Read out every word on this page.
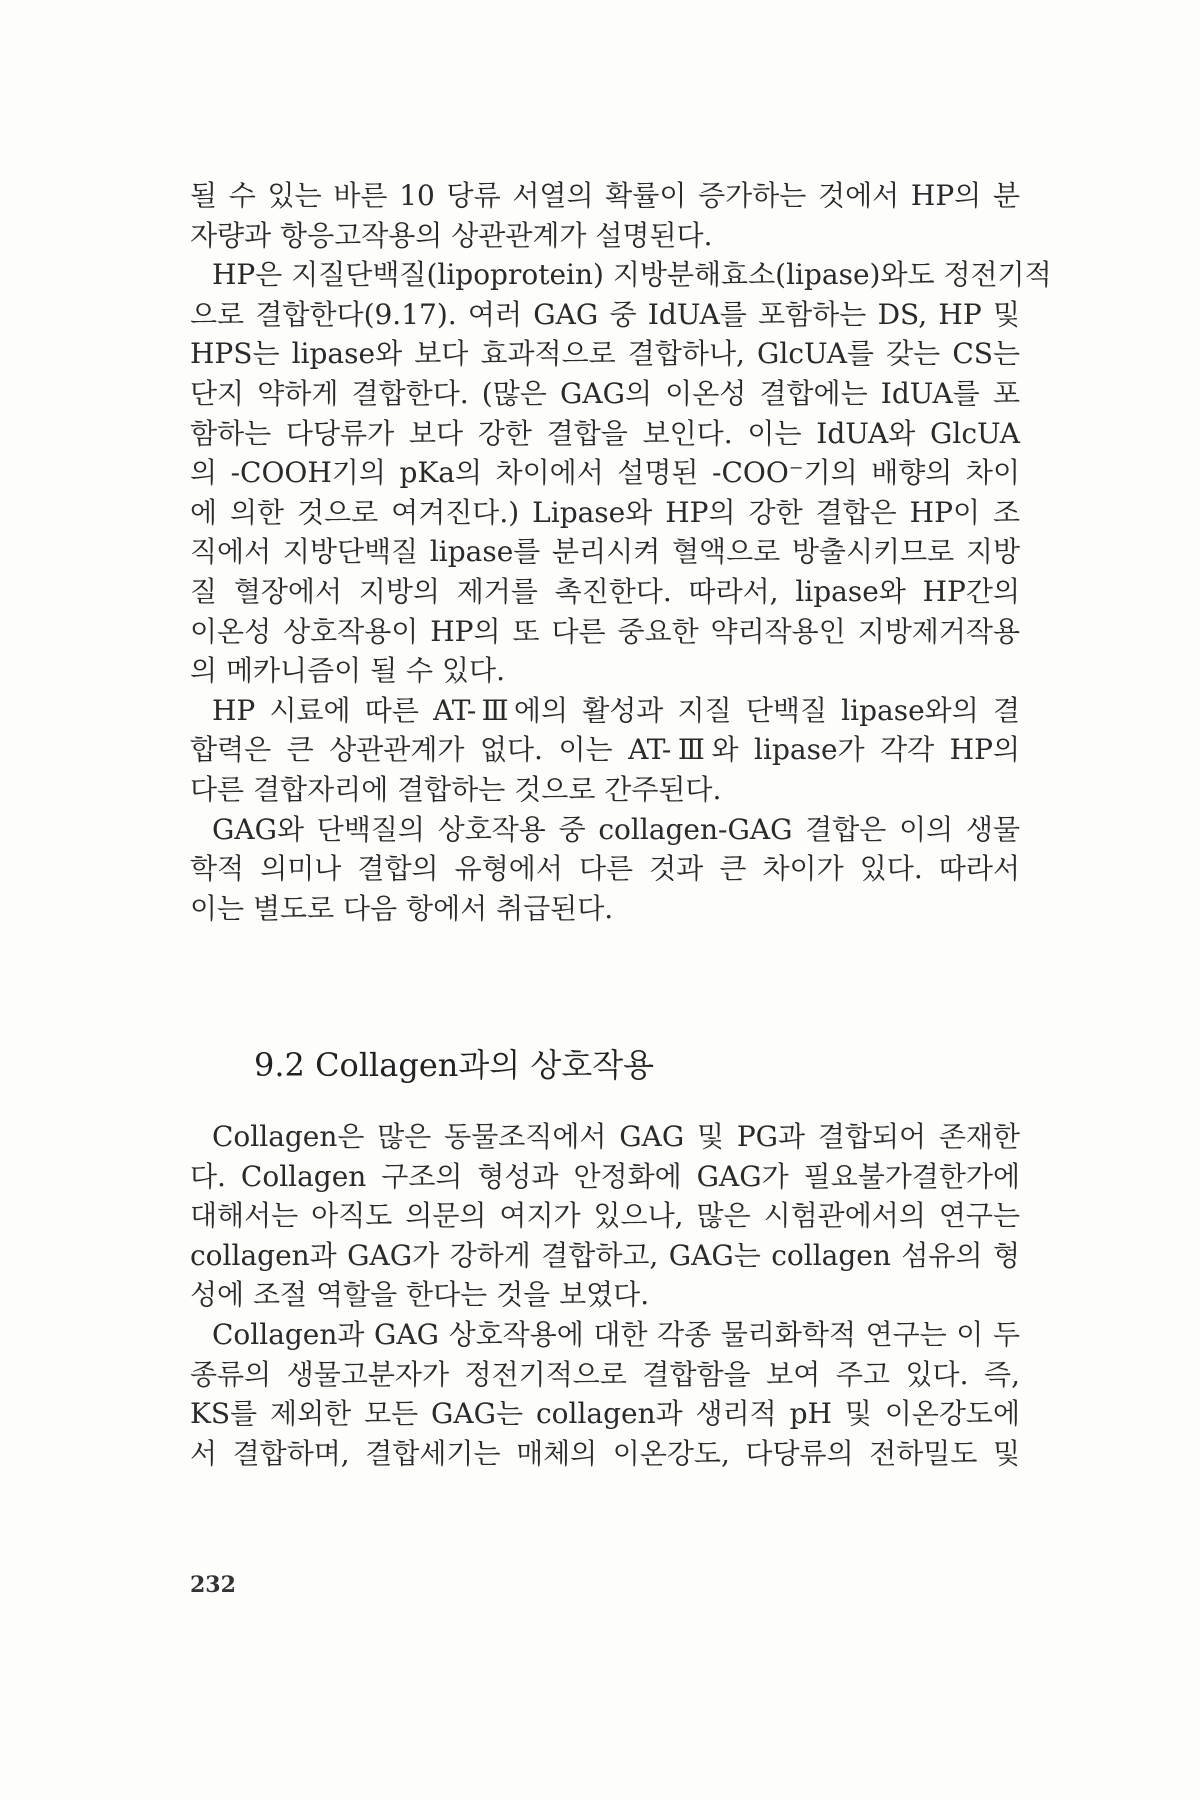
될 수 있는 바른 10 당류 서열의 확률이 증가하는 것에서 HP의 분
자량과 항응고작용의 상관관계가 설명된다.
HP은 지질단백질(lipoprotein) 지방분해효소(lipase)와도 정전기적
으로 결합한다(9.17). 여러 GAG 중 IdUA를 포함하는 DS, HP 및
HPS는 lipase와 보다 효과적으로 결합하나, GlcUA를 갖는 CS는
단지 약하게 결합한다. (많은 GAG의 이온성 결합에는 IdUA를 포
함하는 다당류가 보다 강한 결합을 보인다. 이는 IdUA와 GlcUA
의 -COOH기의 pKa의 차이에서 설명된 -COO⁻기의 배향의 차이
에 의한 것으로 여겨진다.) Lipase와 HP의 강한 결합은 HP이 조
직에서 지방단백질 lipase를 분리시켜 혈액으로 방출시키므로 지방
질 혈장에서 지방의 제거를 촉진한다. 따라서, lipase와 HP간의
이온성 상호작용이 HP의 또 다른 중요한 약리작용인 지방제거작용
의 메카니즘이 될 수 있다.
HP 시료에 따른 AT-Ⅲ에의 활성과 지질 단백질 lipase와의 결
합력은 큰 상관관계가 없다. 이는 AT-Ⅲ와 lipase가 각각 HP의
다른 결합자리에 결합하는 것으로 간주된다.
GAG와 단백질의 상호작용 중 collagen-GAG 결합은 이의 생물
학적 의미나 결합의 유형에서 다른 것과 큰 차이가 있다. 따라서
이는 별도로 다음 항에서 취급된다.
9.2 Collagen과의 상호작용
Collagen은 많은 동물조직에서 GAG 및 PG과 결합되어 존재한
다. Collagen 구조의 형성과 안정화에 GAG가 필요불가결한가에
대해서는 아직도 의문의 여지가 있으나, 많은 시험관에서의 연구는
collagen과 GAG가 강하게 결합하고, GAG는 collagen 섬유의 형
성에 조절 역할을 한다는 것을 보였다.
Collagen과 GAG 상호작용에 대한 각종 물리화학적 연구는 이 두
종류의 생물고분자가 정전기적으로 결합함을 보여 주고 있다. 즉,
KS를 제외한 모든 GAG는 collagen과 생리적 pH 및 이온강도에
서 결합하며, 결합세기는 매체의 이온강도, 다당류의 전하밀도 및
232
